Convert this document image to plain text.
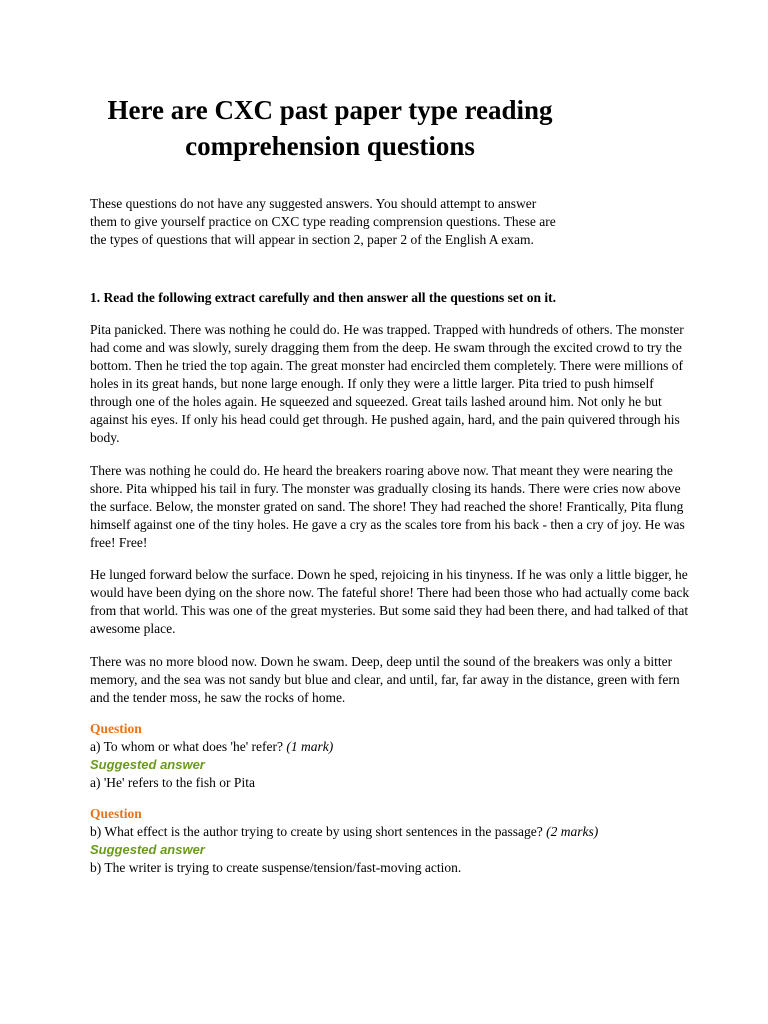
Here are CXC past paper type reading comprehension questions

These questions do not have any suggested answers. You should attempt to answer them to give yourself practice on CXC type reading comprension questions. These are the types of questions that will appear in section 2, paper 2 of the English A exam.

1. Read the following extract carefully and then answer all the questions set on it.

Pita panicked. There was nothing he could do. He was trapped. Trapped with hundreds of others. The monster had come and was slowly, surely dragging them from the deep. He swam through the excited crowd to try the bottom. Then he tried the top again. The great monster had encircled them completely. There were millions of holes in its great hands, but none large enough. If only they were a little larger. Pita tried to push himself through one of the holes again. He squeezed and squeezed. Great tails lashed around him. Not only he but against his eyes. If only his head could get through. He pushed again, hard, and the pain quivered through his body.

There was nothing he could do. He heard the breakers roaring above now. That meant they were nearing the shore. Pita whipped his tail in fury. The monster was gradually closing its hands. There were cries now above the surface. Below, the monster grated on sand. The shore! They had reached the shore! Frantically, Pita flung himself against one of the tiny holes. He gave a cry as the scales tore from his back - then a cry of joy. He was free! Free!

He lunged forward below the surface. Down he sped, rejoicing in his tinyness. If he was only a little bigger, he would have been dying on the shore now. The fateful shore! There had been those who had actually come back from that world. This was one of the great mysteries. But some said they had been there, and had talked of that awesome place.

There was no more blood now. Down he swam. Deep, deep until the sound of the breakers was only a bitter memory, and the sea was not sandy but blue and clear, and until, far, far away in the distance, green with fern and the tender moss, he saw the rocks of home.

Question
a) To whom or what does 'he' refer? (1 mark)
Suggested answer
a) 'He' refers to the fish or Pita
Question
b) What effect is the author trying to create by using short sentences in the passage? (2 marks)
Suggested answer
b) The writer is trying to create suspense/tension/fast-moving action.
